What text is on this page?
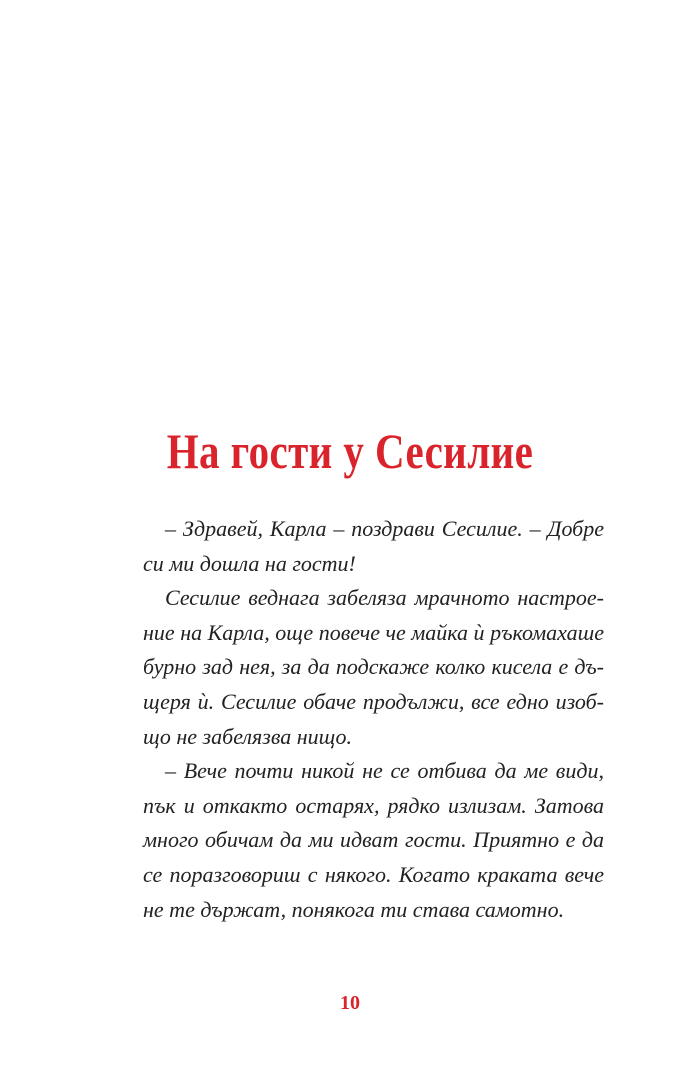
На гости у Сесилие

– Здравей, Карла – поздрави Сесилие. – Добре
си ми дошла на гости!

Сесилие веднага забеляза мрачното настрое-
ние на Карла, още повече че майка ѝ ръкомахаше
бурно зад нея, за да подскаже колко кисела е дъ-
щеря ѝ. Сесилие обаче продължи, все едно изоб-
що не забелязва нищо.

– Вече почти никой не се отбива да ме види,
пък и откакто остарях, рядко излизам. Затова
много обичам да ми идват гости. Приятно е да
се поразговориш с някого. Когато краката вече
не те държат, понякога ти става самотно.

10
